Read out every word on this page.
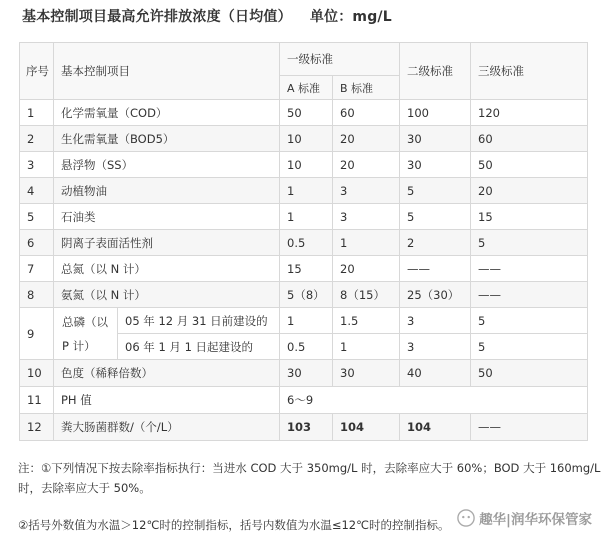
基本控制项目最高允许排放浓度（日均值） 单位：mg/L
序号	基本控制项目		一级标准		二级标准	三级标准
			A 标准	B 标准		
1	化学需氧量（COD）		50	60	100	120
2	生化需氧量（BOD5）		10	20	30	60
3	悬浮物（SS）		10	20	30	50
4	动植物油		1	3	5	20
5	石油类		1	3	5	15
6	阴离子表面活性剂		0.5	1	2	5
7	总氮（以 N 计）		15	20	——	——
8	氨氮（以 N 计）		5（8）	8（15）	25（30）	——
9	总磷（以 P 计）	05 年 12 月 31 日前建设的	1	1.5	3	5
		06 年 1 月 1 日起建设的	0.5	1	3	5
10	色度（稀释倍数）		30	30	40	50
11	PH 值		6～9			
12	粪大肠菌群数/（个/L）		103	104	104	——
注：①下列情况下按去除率指标执行：当进水 COD 大于 350mg/L 时，去除率应大于 60%；BOD 大于 160mg/L
时，去除率应大于 50%。
②括号外数值为水温＞12℃时的控制指标，括号内数值为水温≤12℃时的控制指标。 趣华|润华环保管家
